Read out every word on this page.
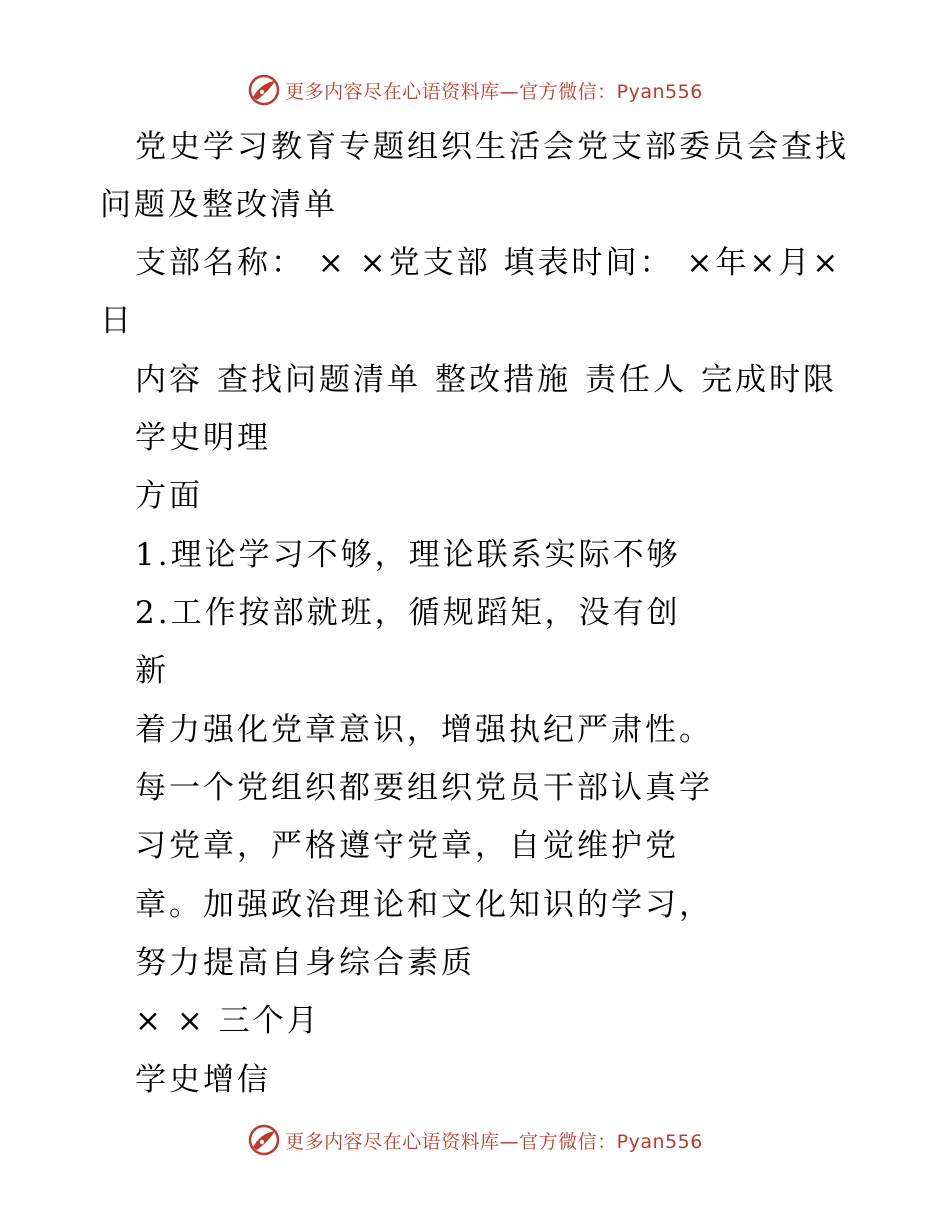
更多内容尽在心语资料库—官方微信：Pyan556
党史学习教育专题组织生活会党支部委员会查找
问题及整改清单
支部名称： × ×党支部 填表时间： ×年×月×
日
内容 查找问题清单 整改措施 责任人 完成时限
学史明理
方面
1.理论学习不够，理论联系实际不够
2.工作按部就班，循规蹈矩，没有创
新
着力强化党章意识，增强执纪严肃性。
每一个党组织都要组织党员干部认真学
习党章，严格遵守党章，自觉维护党
章。加强政治理论和文化知识的学习，
努力提高自身综合素质
× × 三个月
学史增信
更多内容尽在心语资料库—官方微信：Pyan556
